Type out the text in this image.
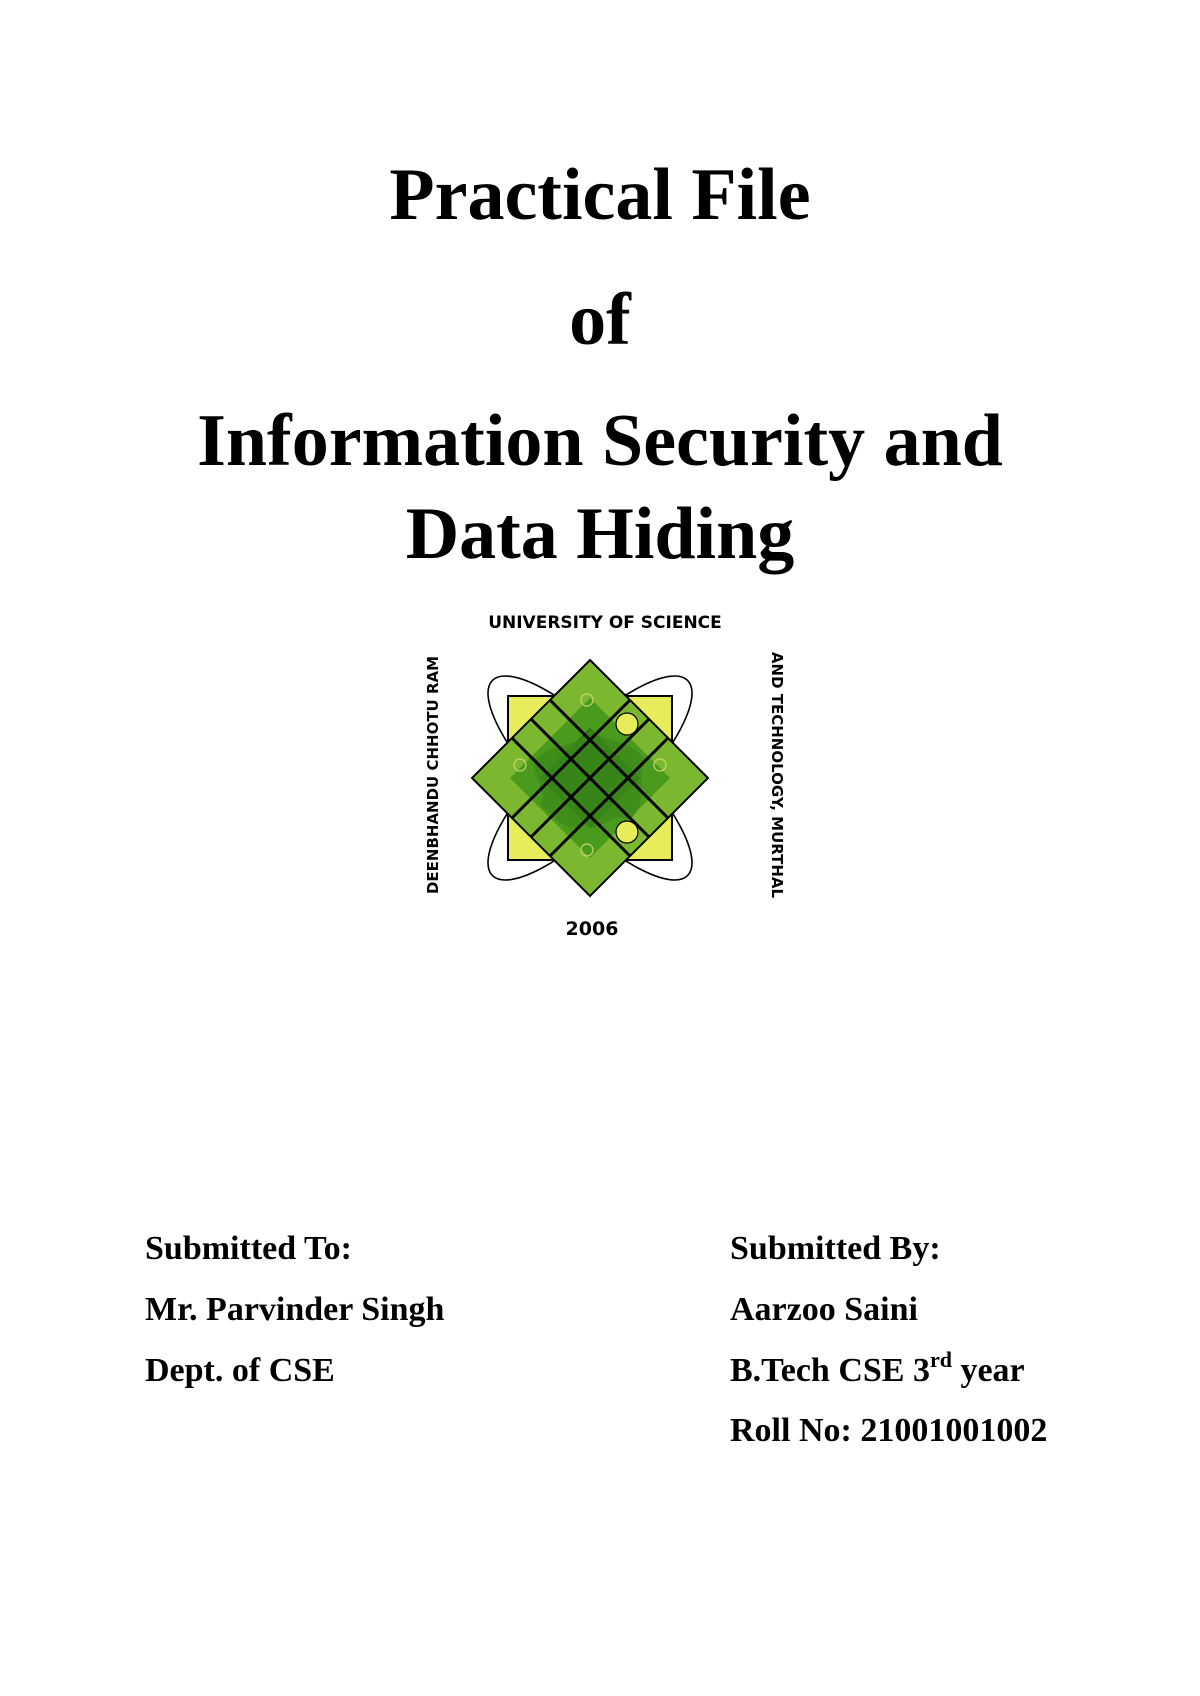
Practical File
of
Information Security and
Data Hiding
UNIVERSITY OF SCIENCE
DEENBHANDU CHHOTU RAM	AND TECHNOLOGY, MURTHAL
2006
Submitted To:
Mr. Parvinder Singh
Dept. of CSE
Submitted By:
Aarzoo Saini
B.Tech CSE 3rd year
Roll No: 21001001002
